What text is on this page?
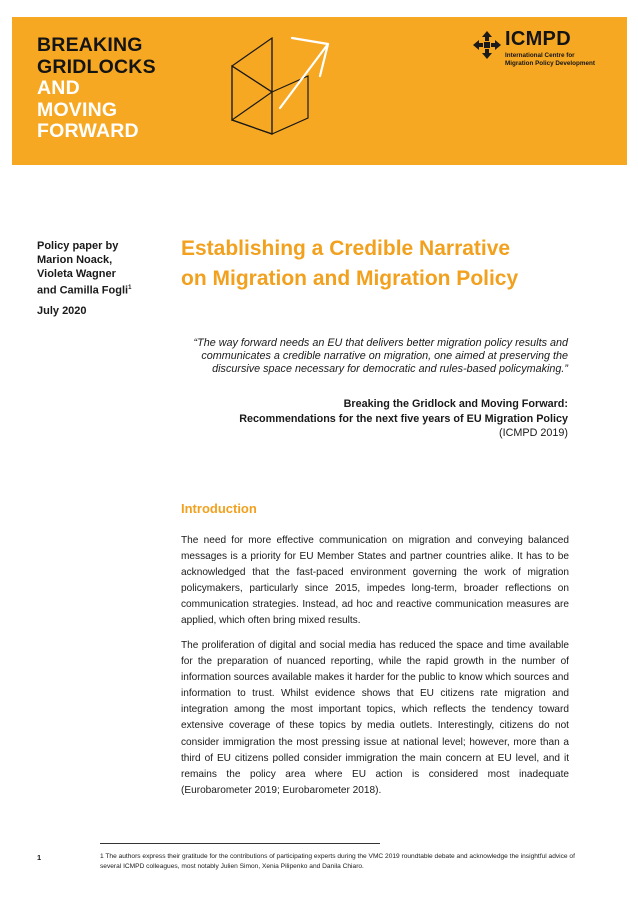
BREAKING
GRIDLOCKS
AND
MOVING
FORWARD
ICMPD
International Centre for
Migration Policy Development
Policy paper by
Marion Noack,
Violeta Wagner
and Camilla Fogli$^1$
July 2020
Establishing a Credible Narrative
on Migration and Migration Policy
“The way forward needs an EU that delivers better migration policy results and communicates a credible narrative on migration, one aimed at preserving the discursive space necessary for democratic and rules-based policymaking.”
Breaking the Gridlock and Moving Forward:
Recommendations for the next five years of EU Migration Policy
(ICMPD 2019)
Introduction

The need for more effective communication on migration and conveying balanced messages is a priority for EU Member States and partner countries alike. It has to be acknowledged that the fast-paced environment governing the work of migration policymakers, particularly since 2015, impedes long-term, broader reflections on communication strategies. Instead, ad hoc and reactive communication measures are applied, which often bring mixed results.

The proliferation of digital and social media has reduced the space and time available for the preparation of nuanced reporting, while the rapid growth in the number of information sources available makes it harder for the public to know which sources and information to trust. Whilst evidence shows that EU citizens rate migration and integration among the most important topics, which reflects the tendency toward extensive coverage of these topics by media outlets. Interestingly, citizens do not consider immigration the most pressing issue at national level; however, more than a third of EU citizens polled consider immigration the main concern at EU level, and it remains the policy area where EU action is considered most inadequate (Eurobarometer 2019; Eurobarometer 2018).

1	1 The authors express their gratitude for the contributions of participating experts during the VMC 2019 roundtable debate and acknowledge the insightful advice of several ICMPD colleagues, most notably Julien Simon, Xenia Pilipenko and Danila Chiaro.
